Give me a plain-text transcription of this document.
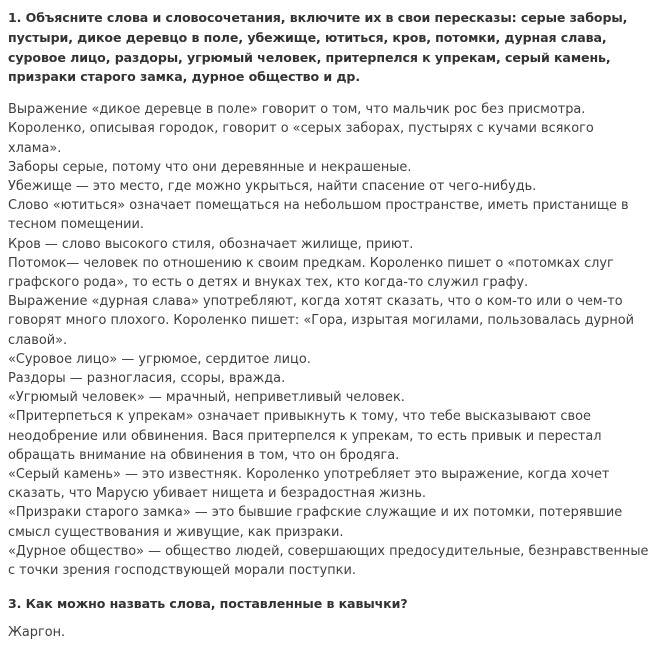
1. Объясните слова и словосочетания, включите их в свои пересказы: серые заборы, пустыри, дикое деревцо в поле, убежище, ютиться, кров, потомки, дурная слава, суровое лицо, раздоры, угрюмый человек, притерпелся к упрекам, серый камень, призраки старого замка, дурное общество и др.

Выражение «дикое деревце в поле» говорит о том, что мальчик рос без присмотра.

Короленко, описывая городок, говорит о «серых заборах, пустырях с кучами всякого хлама».

Заборы серые, потому что они деревянные и некрашеные.

Убежище — это место, где можно укрыться, найти спасение от чего-нибудь.

Слово «ютиться» означает помещаться на небольшом пространстве, иметь пристанище в тесном помещении.

Кров — слово высокого стиля, обозначает жилище, приют.

Потомок— человек по отношению к своим предкам. Короленко пишет о «потомках слуг графского рода», то есть о детях и внуках тех, кто когда-то служил графу.

Выражение «дурная слава» употребляют, когда хотят сказать, что о ком-то или о чем-то говорят много плохого. Короленко пишет: «Гора, изрытая могилами, пользовалась дурной славой».

«Суровое лицо» — угрюмое, сердитое лицо.

Раздоры — разногласия, ссоры, вражда.

«Угрюмый человек» — мрачный, неприветливый человек.

«Притерпеться к упрекам» означает привыкнуть к тому, что тебе высказывают свое неодобрение или обвинения. Вася притерпелся к упрекам, то есть привык и перестал обращать внимание на обвинения в том, что он бродяга.

«Серый камень» — это известняк. Короленко употребляет это выражение, когда хочет сказать, что Марусю убивает нищета и безрадостная жизнь.

«Призраки старого замка» — это бывшие графские служащие и их потомки, потерявшие смысл существования и живущие, как призраки.

«Дурное общество» — общество людей, совершающих предосудительные, безнравственные с точки зрения господствующей морали поступки.

3. Как можно назвать слова, поставленные в кавычки?

Жаргон.
